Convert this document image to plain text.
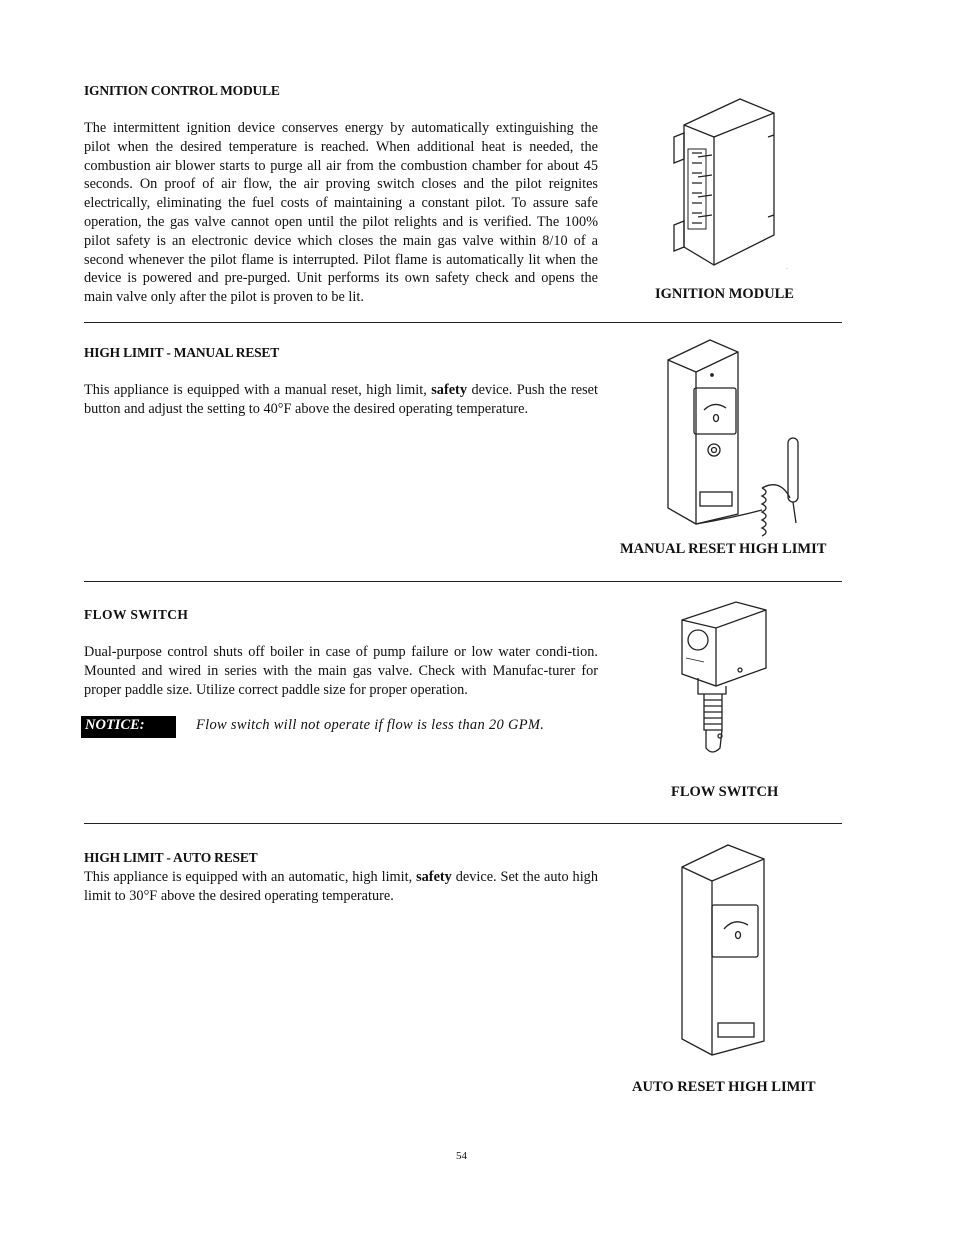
IGNITION CONTROL MODULE
The intermittent ignition device conserves energy by automatically extinguishing the pilot when the desired temperature is reached. When additional heat is needed, the combustion air blower starts to purge all air from the combustion chamber for about 45 seconds. On proof of air flow, the air proving switch closes and the pilot reignites electrically, eliminating the fuel costs of maintaining a constant pilot. To assure safe operation, the gas valve cannot open until the pilot relights and is verified. The 100% pilot safety is an electronic device which closes the main gas valve within 8/10 of a second whenever the pilot flame is interrupted. Pilot flame is automatically lit when the device is powered and pre-purged. Unit performs its own safety check and opens the main valve only after the pilot is proven to be lit.
.
IGNITION MODULE
HIGH LIMIT - MANUAL RESET
This appliance is equipped with a manual reset, high limit, safety device. Push the reset button and adjust the setting to 40°F above the desired operating temperature.
MANUAL RESET HIGH LIMIT
FLOW SWITCH
Dual-purpose control shuts off boiler in case of pump failure or low water condi-tion. Mounted and wired in series with the main gas valve. Check with Manufac-turer for proper paddle size. Utilize correct paddle size for proper operation.
NOTICE:	Flow switch will not operate if flow is less than 20 GPM.
FLOW SWITCH
HIGH LIMIT - AUTO RESET
This appliance is equipped with an automatic, high limit, safety device. Set the auto high limit to 30°F above the desired operating temperature.
AUTO RESET HIGH LIMIT
54
